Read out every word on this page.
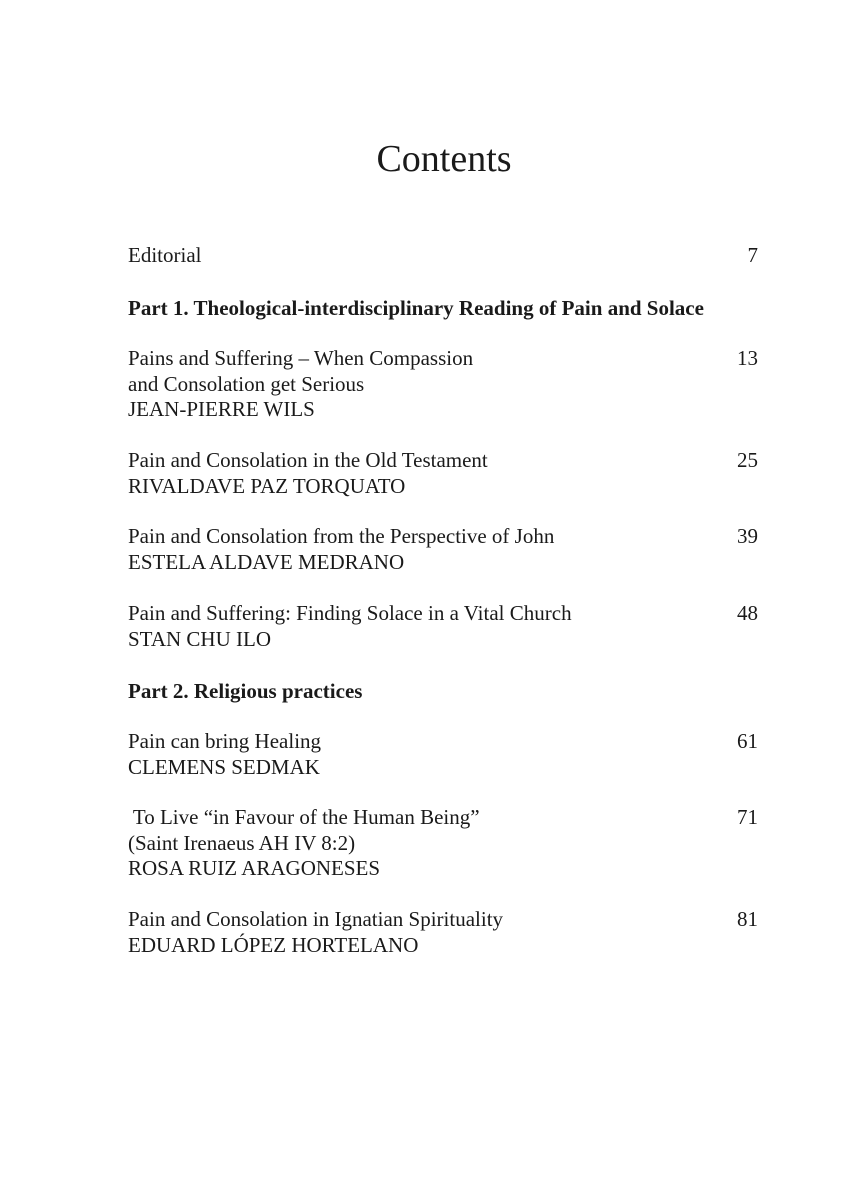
Contents
Editorial	7
Part 1. Theological-interdisciplinary Reading of Pain and Solace
Pains and Suffering – When Compassion
and Consolation get Serious
JEAN-PIERRE WILS
13
Pain and Consolation in the Old Testament
RIVALDAVE PAZ TORQUATO
25
Pain and Consolation from the Perspective of John
ESTELA ALDAVE MEDRANO
39
Pain and Suffering: Finding Solace in a Vital Church
STAN CHU ILO
48
Part 2. Religious practices
Pain can bring Healing
CLEMENS SEDMAK
61
To Live “in Favour of the Human Being”
(Saint Irenaeus AH IV 8:2)
ROSA RUIZ ARAGONESES
71
Pain and Consolation in Ignatian Spirituality
EDUARD LÓPEZ HORTELANO
81
